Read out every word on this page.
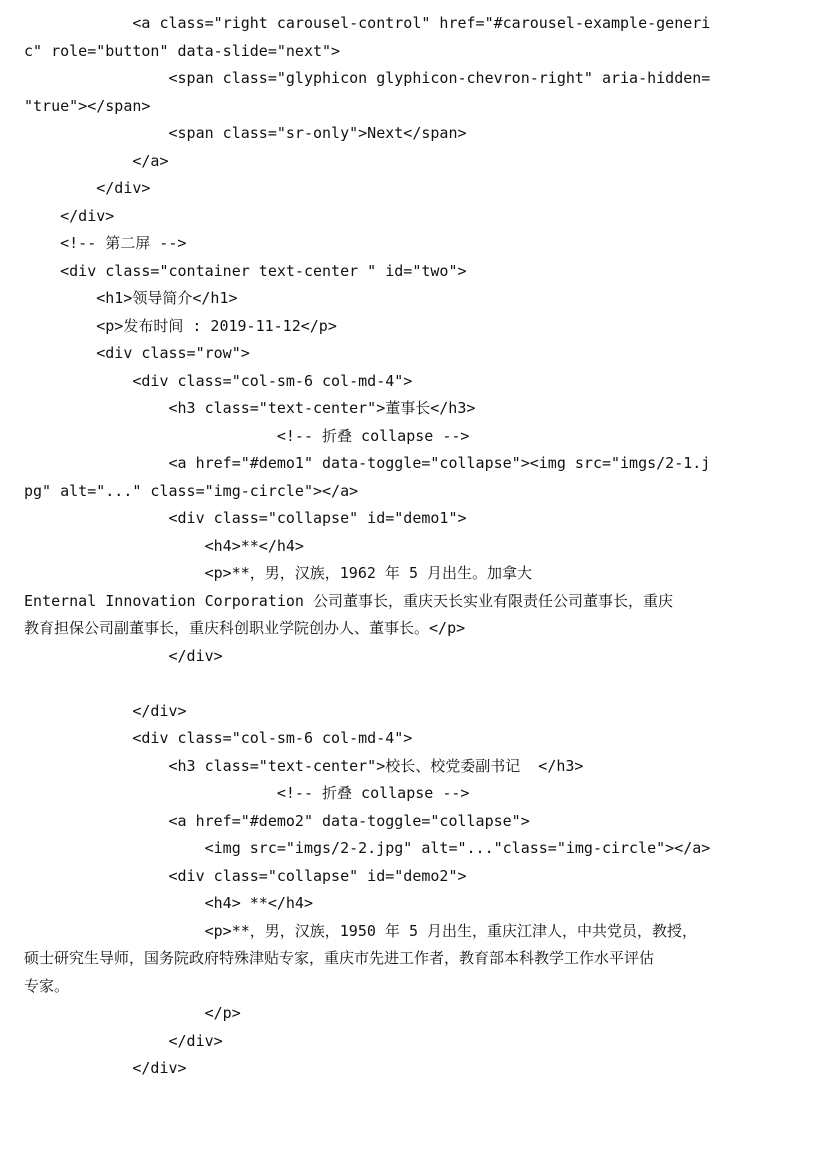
<a class="right carousel-control" href="#carousel-example-generi
c" role="button" data-slide="next">
<span class="glyphicon glyphicon-chevron-right" aria-hidden=
"true"></span>
<span class="sr-only">Next</span>
</a>
</div>
</div>
<!-- 第二屏 -->
<div class="container text-center " id="two">
<h1>领导简介</h1>
<p>发布时间 : 2019-11-12</p>
<div class="row">
<div class="col-sm-6 col-md-4">
<h3 class="text-center">董事长</h3>
<!-- 折叠 collapse -->
<a href="#demo1" data-toggle="collapse"><img src="imgs/2-1.j
pg" alt="..." class="img-circle"></a>
<div class="collapse" id="demo1">
<h4>**</h4>
<p>**，男，汉族，1962 年 5 月出生。加拿大
Enternal Innovation Corporation 公司董事长，重庆天长实业有限责任公司董事长，重庆
教育担保公司副董事长，重庆科创职业学院创办人、董事长。</p>
</div>
</div>
<div class="col-sm-6 col-md-4">
<h3 class="text-center">校长、校党委副书记  </h3>
<!-- 折叠 collapse -->
<a href="#demo2" data-toggle="collapse">
<img src="imgs/2-2.jpg" alt="..."class="img-circle"></a>
<div class="collapse" id="demo2">
<h4> **</h4>
<p>**，男，汉族，1950 年 5 月出生，重庆江津人，中共党员，教授，
硕士研究生导师，国务院政府特殊津贴专家，重庆市先进工作者，教育部本科教学工作水平评估
专家。
</p>
</div>
</div>
